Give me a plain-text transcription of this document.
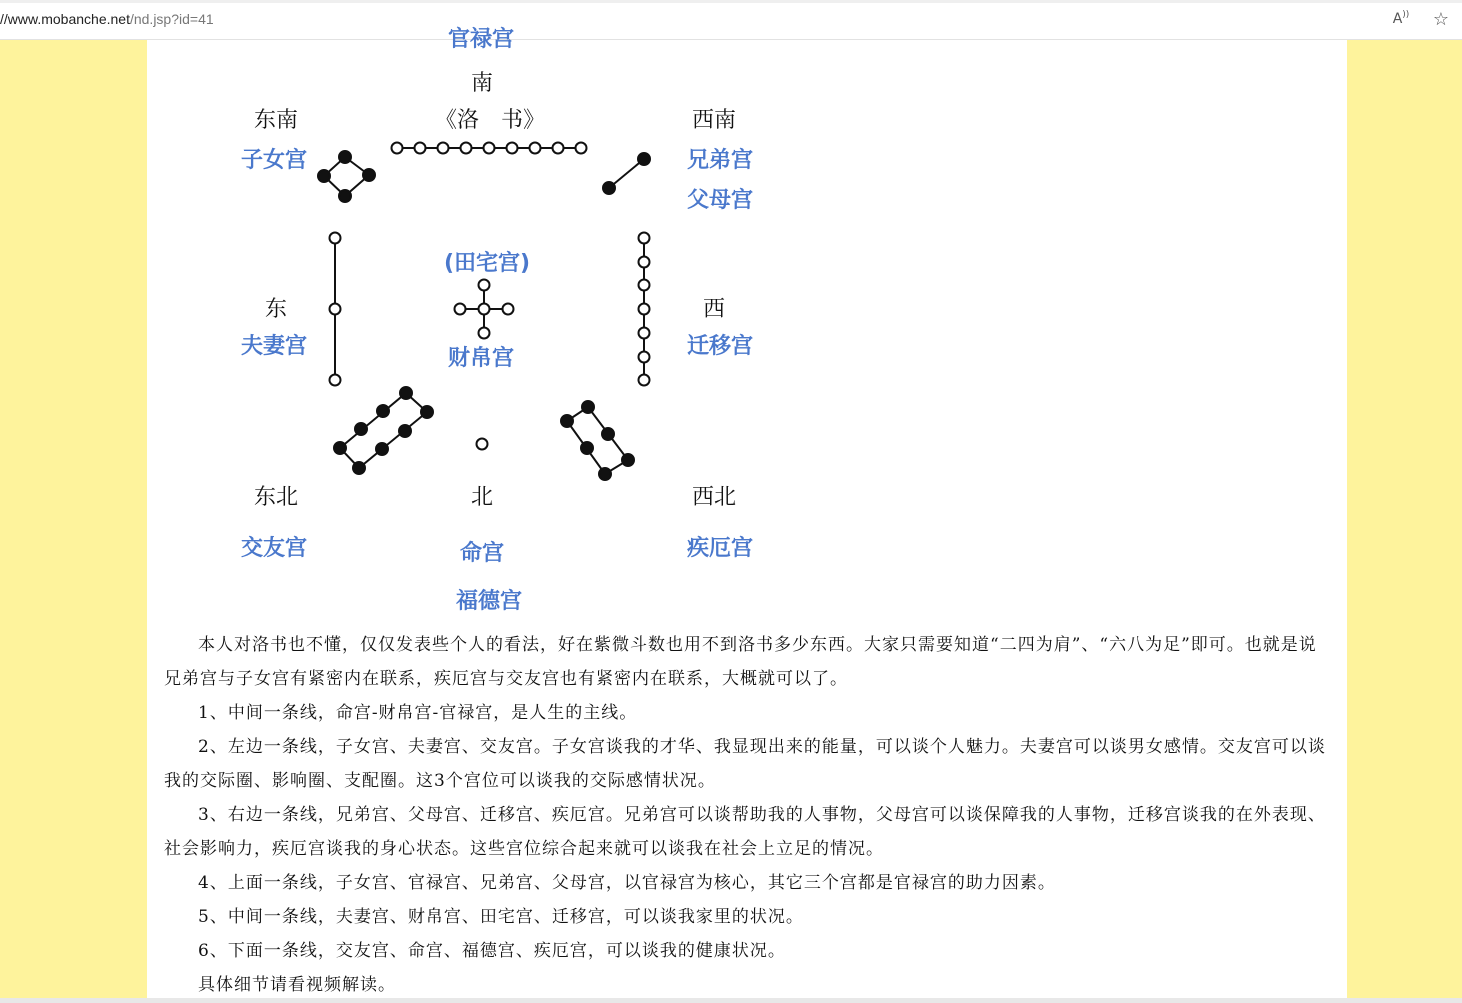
//www.mobanche.net/nd.jsp?id=41	A )) ☆
官禄宫
南
《洛　书》
东南	西南
东	西
东北	北	西北
子女宫	兄弟宫
父母宫
(田宅宫)
财帛宫
夫妻宫	迁移宫
交友宫	命宫	疾厄宫
福德宫

本人对洛书也不懂，仅仅发表些个人的看法，好在紫微斗数也用不到洛书多少东西。大家只需要知道“二四为肩”、“六八为足”即可。也就是说兄弟宫与子女宫有紧密内在联系，疾厄宫与交友宫也有紧密内在联系，大概就可以了。

1、中间一条线，命宫-财帛宫-官禄宫，是人生的主线。

2、左边一条线，子女宫、夫妻宫、交友宫。子女宫谈我的才华、我显现出来的能量，可以谈个人魅力。夫妻宫可以谈男女感情。交友宫可以谈我的交际圈、影响圈、支配圈。这3个宫位可以谈我的交际感情状况。

3、右边一条线，兄弟宫、父母宫、迁移宫、疾厄宫。兄弟宫可以谈帮助我的人事物，父母宫可以谈保障我的人事物，迁移宫谈我的在外表现、社会影响力，疾厄宫谈我的身心状态。这些宫位综合起来就可以谈我在社会上立足的情况。

4、上面一条线，子女宫、官禄宫、兄弟宫、父母宫，以官禄宫为核心，其它三个宫都是官禄宫的助力因素。

5、中间一条线，夫妻宫、财帛宫、田宅宫、迁移宫，可以谈我家里的状况。

6、下面一条线，交友宫、命宫、福德宫、疾厄宫，可以谈我的健康状况。

具体细节请看视频解读。
